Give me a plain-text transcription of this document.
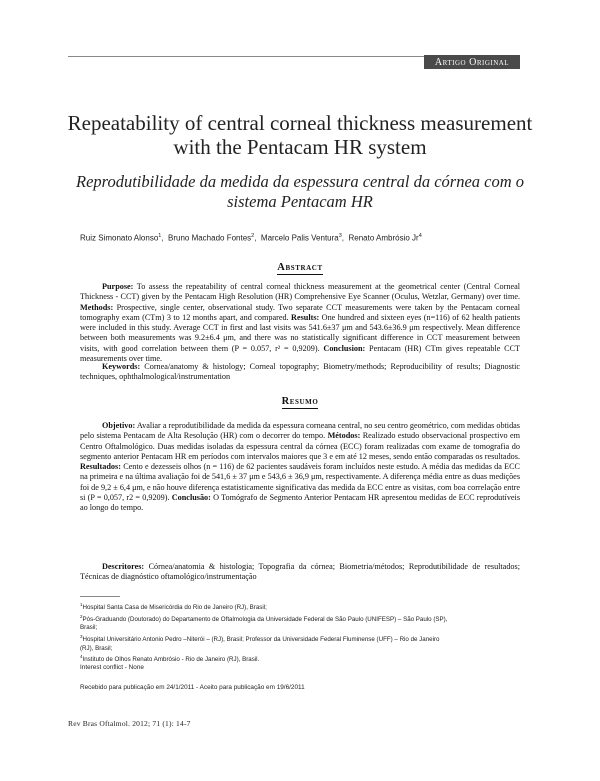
Artigo Original
Repeatability of central corneal thickness measurement with the Pentacam HR system
Reprodutibilidade da medida da espessura central da córnea com o sistema Pentacam HR
Ruiz Simonato Alonso$^1$,  Bruno Machado Fontes$^2$,  Marcelo Palis Ventura$^3$,  Renato Ambrósio Jr$^4$
Abstract
Purpose: To assess the repeatability of central corneal thickness measurement at the geometrical center (Central Corneal Thickness - CCT) given by the Pentacam High Resolution (HR) Comprehensive Eye Scanner (Oculus, Wetzlar, Germany) over time. Methods: Prospective, single center, observational study. Two separate CCT measurements were taken by the Pentacam corneal tomography exam (CTm) 3 to 12 months apart, and compared. Results: One hundred and sixteen eyes (n=116) of 62 health patients were included in this study. Average CCT in first and last visits was 541.6±37 μm and 543.6±36.9 μm respectively. Mean difference between both measurements was 9.2±6.4 μm, and there was no statistically significant difference in CCT measurement between visits, with good correlation between them (P = 0.057, r² = 0,9209). Conclusion: Pentacam (HR) CTm gives repeatable CCT measurements over time.
Keywords: Cornea/anatomy & histology; Corneal topography; Biometry/methods; Reproducibility of results; Diagnostic techniques, ophthalmological/instrumentation
Resumo
Objetivo: Avaliar a reprodutibilidade da medida da espessura corneana central, no seu centro geométrico, com medidas obtidas pelo sistema Pentacam de Alta Resolução (HR) com o decorrer do tempo. Métodos: Realizado estudo observacional prospectivo em Centro Oftalmológico. Duas medidas isoladas da espessura central da córnea (ECC) foram realizadas com exame de tomografia do segmento anterior Pentacam HR em períodos com intervalos maiores que 3 e em até 12 meses, sendo então comparadas os resultados. Resultados: Cento e dezesseis olhos (n = 116) de 62 pacientes saudáveis foram incluídos neste estudo. A média das medidas da ECC na primeira e na última avaliação foi de 541,6 ± 37 μm e 543,6 ± 36,9 μm, respectivamente. A diferença média entre as duas medições foi de 9,2 ± 6,4 μm, e não houve diferença estatisticamente significativa das medida da ECC entre as visitas, com boa correlação entre si (P = 0,057, r2 = 0,9209). Conclusão: O Tomógrafo de Segmento Anterior Pentacam HR apresentou medidas de ECC reprodutíveis ao longo do tempo.
Descritores: Córnea/anatomia & histologia; Topografia da córnea; Biometria/métodos; Reprodutibilidade de resultados; Técnicas de diagnóstico oftamológico/instrumentação
$^1$Hospital Santa Casa de Misericórdia do Rio de Janeiro (RJ), Brasil;
$^2$Pós-Graduando (Doutorado) do Departamento de Oftalmologia da Universidade Federal de São Paulo (UNIFESP) – São Paulo (SP),
Brasil;
$^3$Hospital Universitário Antonio Pedro –Niterói – (RJ), Brasil; Professor da Universidade Federal Fluminense (UFF) – Rio de Janeiro
(RJ), Brasil;
$^4$Instituto de Olhos Renato Ambrósio - Rio de Janeiro (RJ), Brasil.
Interest conflict - None
Recebido para publicação em 24/1/2011 - Aceito para publicação em 19/6/2011
Rev Bras Oftalmol. 2012; 71 (1): 14-7
